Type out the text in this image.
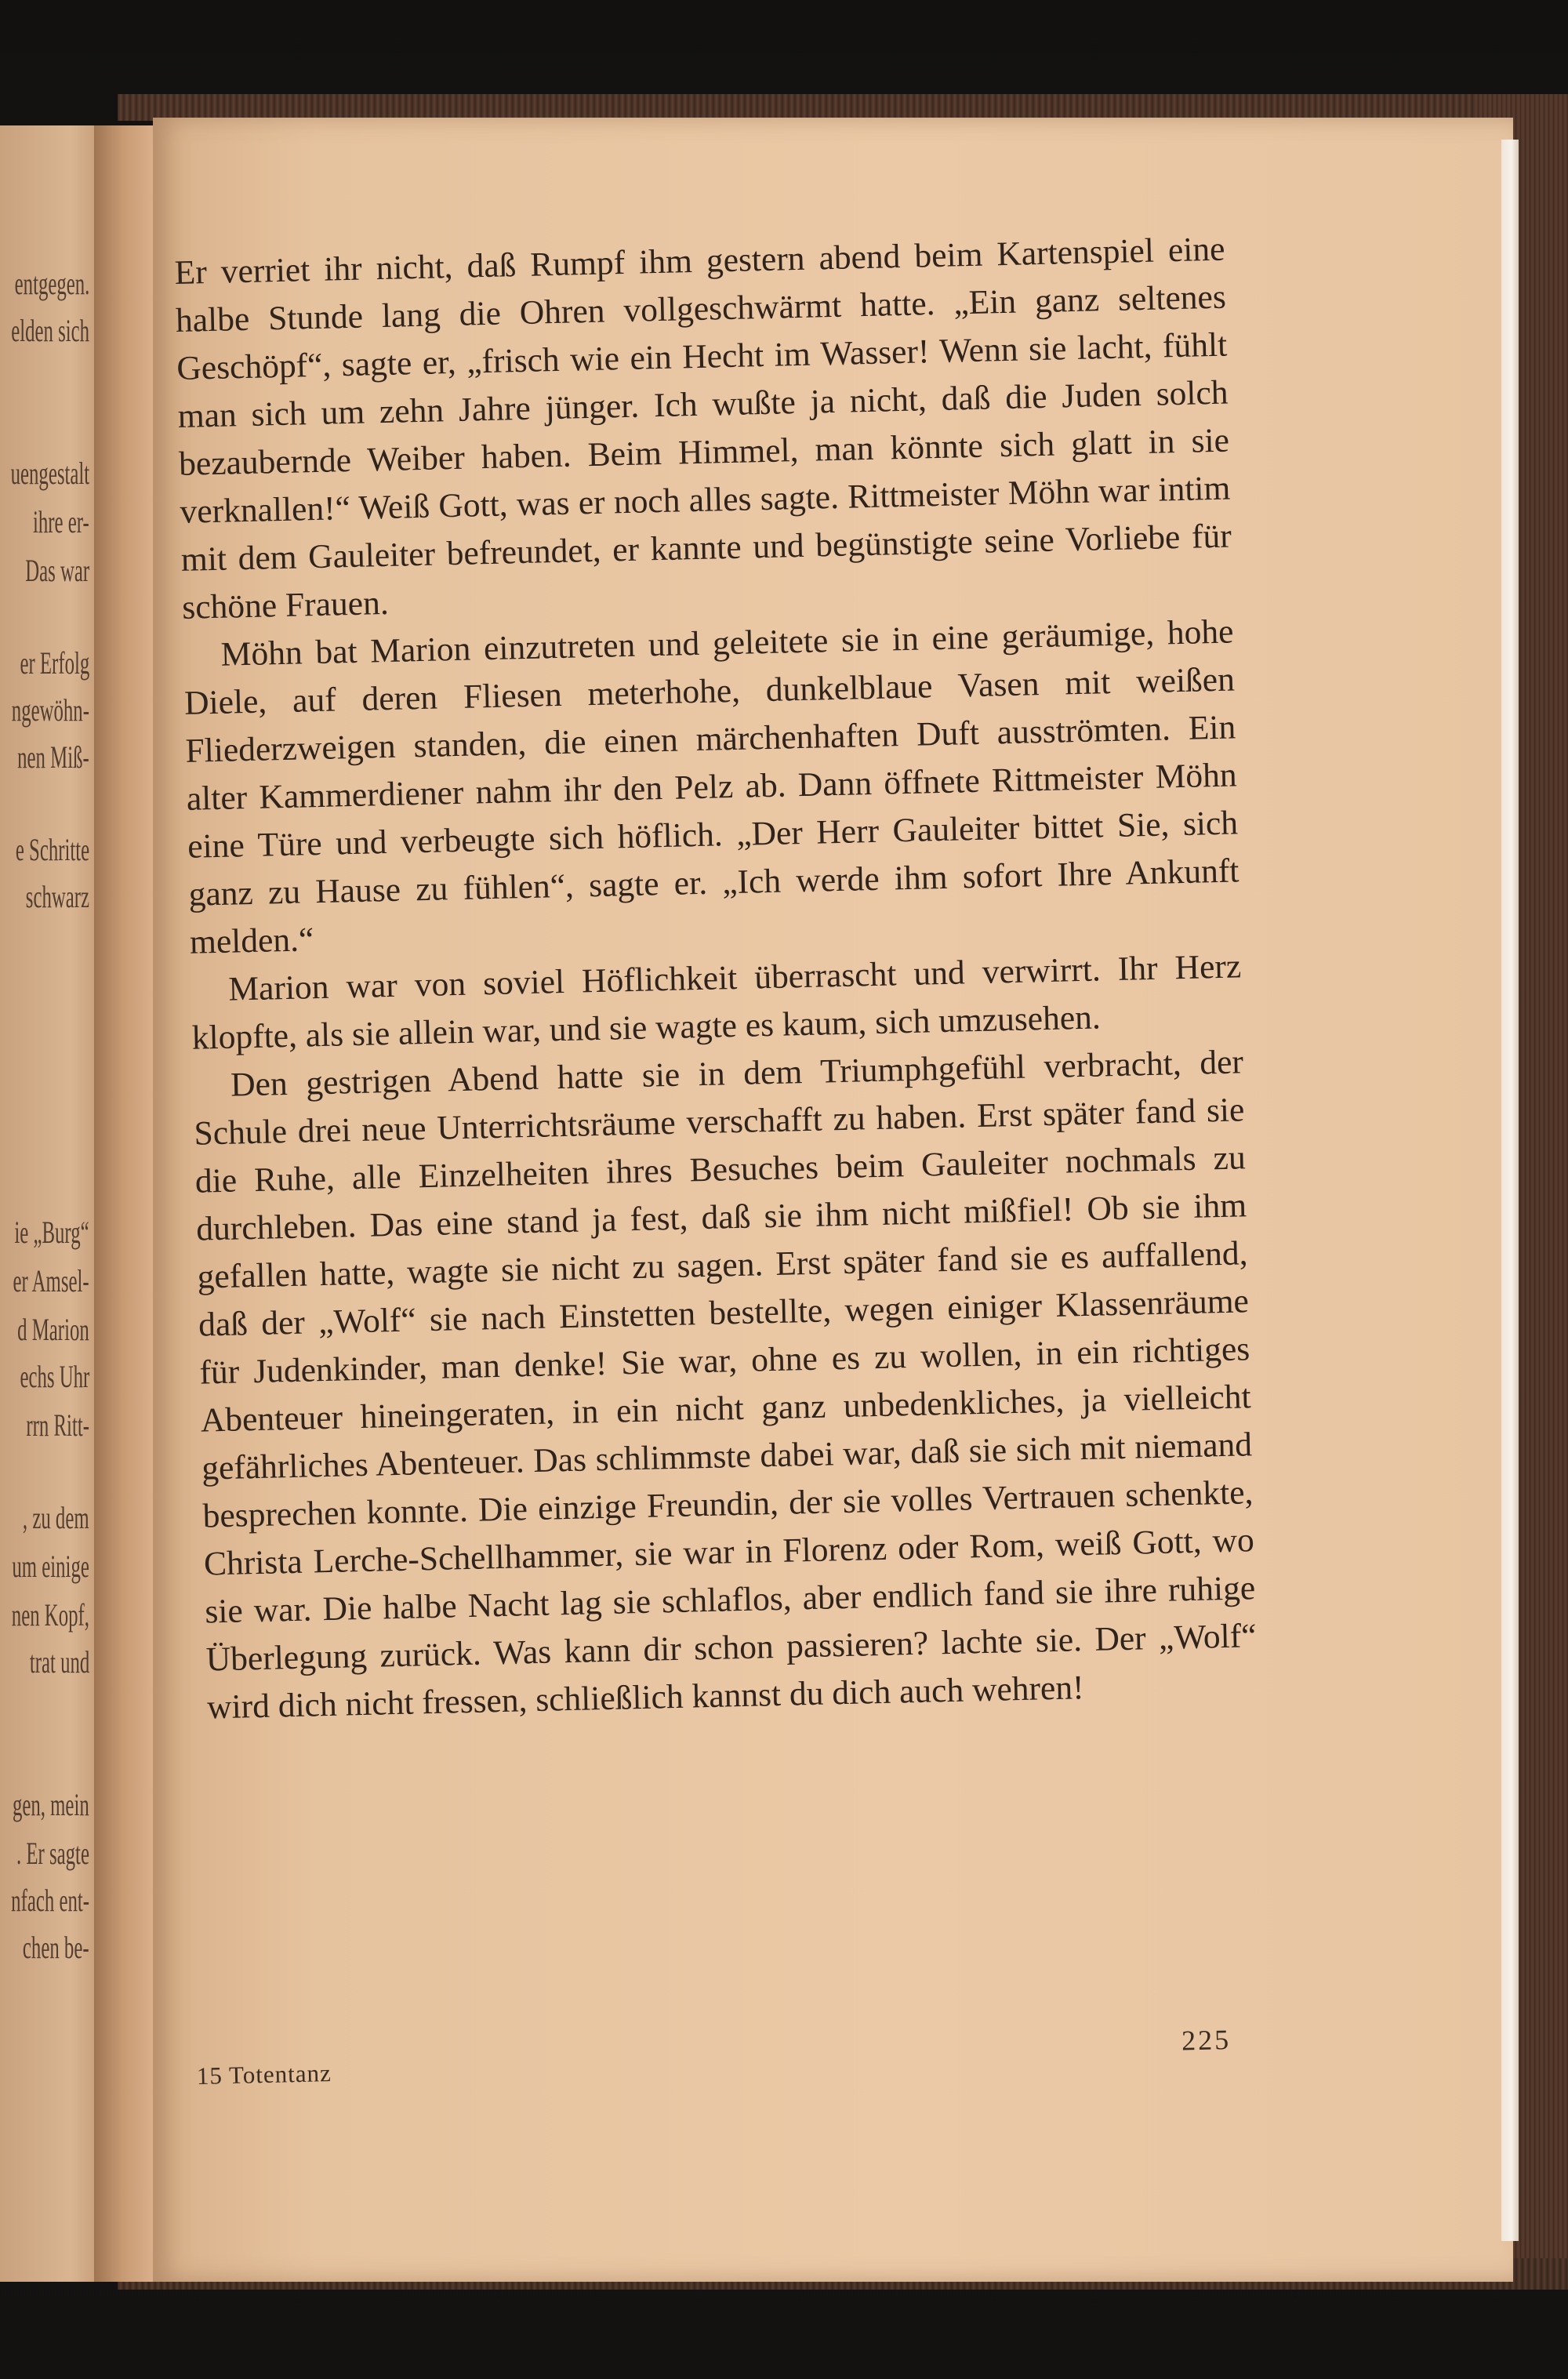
entgegen.
elden sich
uengestalt
ihre er-
Das war
er Erfolg
ngewöhn-
nen Miß-
e Schritte
schwarz
ie „Burg“
er Amsel-
d Marion
echs Uhr
rrn Ritt-
, zu dem
um einige
nen Kopf,
trat und
gen, mein
. Er sagte
nfach ent-
chen be-

Er verriet ihr nicht, daß Rumpf ihm gestern abend beim Kartenspiel eine halbe Stunde lang die Ohren vollgeschwärmt hatte. „Ein ganz seltenes Geschöpf“, sagte er, „frisch wie ein Hecht im Wasser! Wenn sie lacht, fühlt man sich um zehn Jahre jünger. Ich wußte ja nicht, daß die Juden solch bezaubernde Weiber haben. Beim Himmel, man könnte sich glatt in sie verknallen!“ Weiß Gott, was er noch alles sagte. Rittmeister Möhn war intim mit dem Gauleiter befreundet, er kannte und begünstigte seine Vorliebe für schöne Frauen.

Möhn bat Marion einzutreten und geleitete sie in eine geräumige, hohe Diele, auf deren Fliesen meterhohe, dunkelblaue Vasen mit weißen Fliederzweigen standen, die einen märchenhaften Duft ausströmten. Ein alter Kammerdiener nahm ihr den Pelz ab. Dann öffnete Rittmeister Möhn eine Türe und verbeugte sich höflich. „Der Herr Gauleiter bittet Sie, sich ganz zu Hause zu fühlen“, sagte er. „Ich werde ihm sofort Ihre Ankunft melden.“

Marion war von soviel Höflichkeit überrascht und verwirrt. Ihr Herz klopfte, als sie allein war, und sie wagte es kaum, sich umzusehen.

Den gestrigen Abend hatte sie in dem Triumphgefühl verbracht, der Schule drei neue Unterrichtsräume verschafft zu haben. Erst später fand sie die Ruhe, alle Einzelheiten ihres Besuches beim Gauleiter nochmals zu durchleben. Das eine stand ja fest, daß sie ihm nicht mißfiel! Ob sie ihm gefallen hatte, wagte sie nicht zu sagen. Erst später fand sie es auffallend, daß der „Wolf“ sie nach Einstetten bestellte, wegen einiger Klassenräume für Judenkinder, man denke! Sie war, ohne es zu wollen, in ein richtiges Abenteuer hineingeraten, in ein nicht ganz unbedenkliches, ja vielleicht gefährliches Abenteuer. Das schlimmste dabei war, daß sie sich mit niemand besprechen konnte. Die einzige Freundin, der sie volles Vertrauen schenkte, Christa Lerche-Schellhammer, sie war in Florenz oder Rom, weiß Gott, wo sie war. Die halbe Nacht lag sie schlaflos, aber endlich fand sie ihre ruhige Überlegung zurück. Was kann dir schon passieren? lachte sie. Der „Wolf“ wird dich nicht fressen, schließlich kannst du dich auch wehren!

15 Totentanz
225
